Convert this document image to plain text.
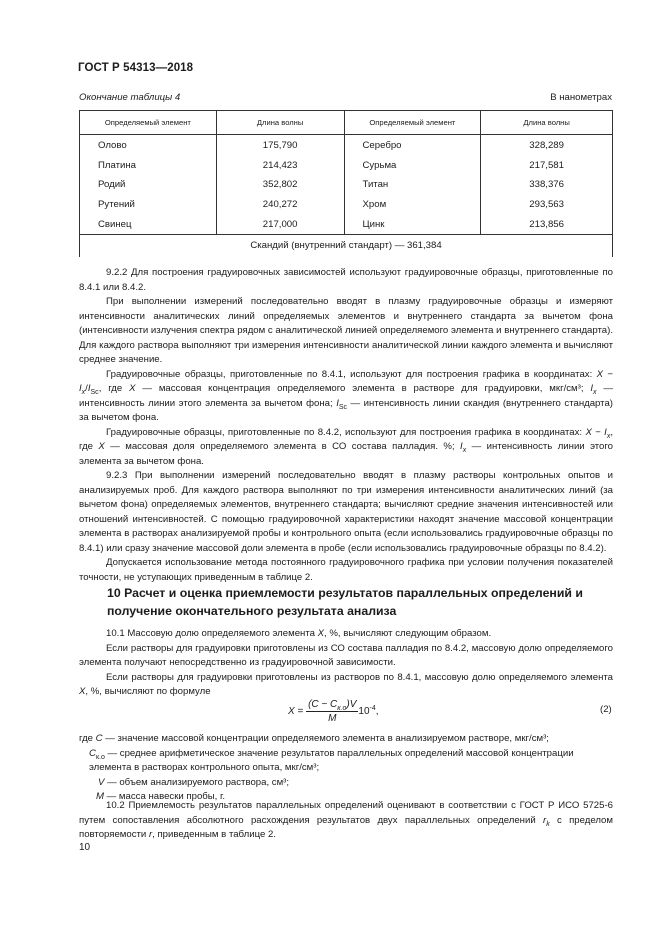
ГОСТ Р 54313—2018
Окончание таблицы 4	В нанометрах
Определяемый элемент	Длина волны	Определяемый элемент	Длина волны
Олово	175,790	Серебро	328,289
Платина	214,423	Сурьма	217,581
Родий	352,802	Титан	338,376
Рутений	240,272	Хром	293,563
Свинец	217,000	Цинк	213,856
Скандий (внутренний стандарт) — 361,384			

9.2.2 Для построения градуировочных зависимостей используют градуировочные образцы, приготовленные по 8.4.1 или 8.4.2.

При выполнении измерений последовательно вводят в плазму градуировочные образцы и измеряют интенсивности аналитических линий определяемых элементов и внутреннего стандарта за вычетом фона (интенсивности излучения спектра рядом с аналитической линией определяемого элемента и внутреннего стандарта). Для каждого раствора выполняют три измерения интенсивности аналитической линии каждого элемента и вычисляют среднее значение.

Градуировочные образцы, приготовленные по 8.4.1, используют для построения графика в координатах: $X - I_x/I_{Sc}$, где X — массовая концентрация определяемого элемента в растворе для градуировки, мкг/см³; $I_x$ — интенсивность линии этого элемента за вычетом фона; $I_{Sc}$ — интенсивность линии скандия (внутреннего стандарта) за вычетом фона.

Градуировочные образцы, приготовленные по 8.4.2, используют для построения графика в координатах: $X - I_x$, где X — массовая доля определяемого элемента в СО состава палладия. %; $I_x$ — интенсивность линии этого элемента за вычетом фона.

9.2.3 При выполнении измерений последовательно вводят в плазму растворы контрольных опытов и анализируемых проб. Для каждого раствора выполняют по три измерения интенсивности аналитических линий (за вычетом фона) определяемых элементов, внутреннего стандарта; вычисляют средние значения интенсивностей или отношений интенсивностей. С помощью градуировочной характеристики находят значение массовой концентрации элемента в растворах анализируемой пробы и контрольного опыта (если использовались градуировочные образцы по 8.4.1) или сразу значение массовой доли элемента в пробе (если использовались градуировочные образцы по 8.4.2).

Допускается использование метода постоянного градуировочного графика при условии получения показателей точности, не уступающих приведенным в таблице 2.

10 Расчет и оценка приемлемости результатов параллельных определений и получение окончательного результата анализа

10.1 Массовую долю определяемого элемента X, %, вычисляют следующим образом.

Если растворы для градуировки приготовлены из СО состава палладия по 8.4.2, массовую долю определяемого элемента получают непосредственно из градуировочной зависимости.

Если растворы для градуировки приготовлены из растворов по 8.4.1, массовую долю определяемого элемента X, %, вычисляют по формуле

$X = \frac{(C - C_{к.о})V}{M} 10^{-4}$,	(2)
где C — значение массовой концентрации определяемого элемента в анализируемом растворе, мкг/см³;
$C_{к.о}$ — среднее арифметическое значение результатов параллельных определений массовой концентрации элемента в растворах контрольного опыта, мкг/см³;
V — объем анализируемого раствора, см³;
M — масса навески пробы, г.

10.2 Приемлемость результатов параллельных определений оценивают в соответствии с ГОСТ Р ИСО 5725-6 путем сопоставления абсолютного расхождения результатов двух параллельных определений $r_k$ с пределом повторяемости r, приведенным в таблице 2.

10
